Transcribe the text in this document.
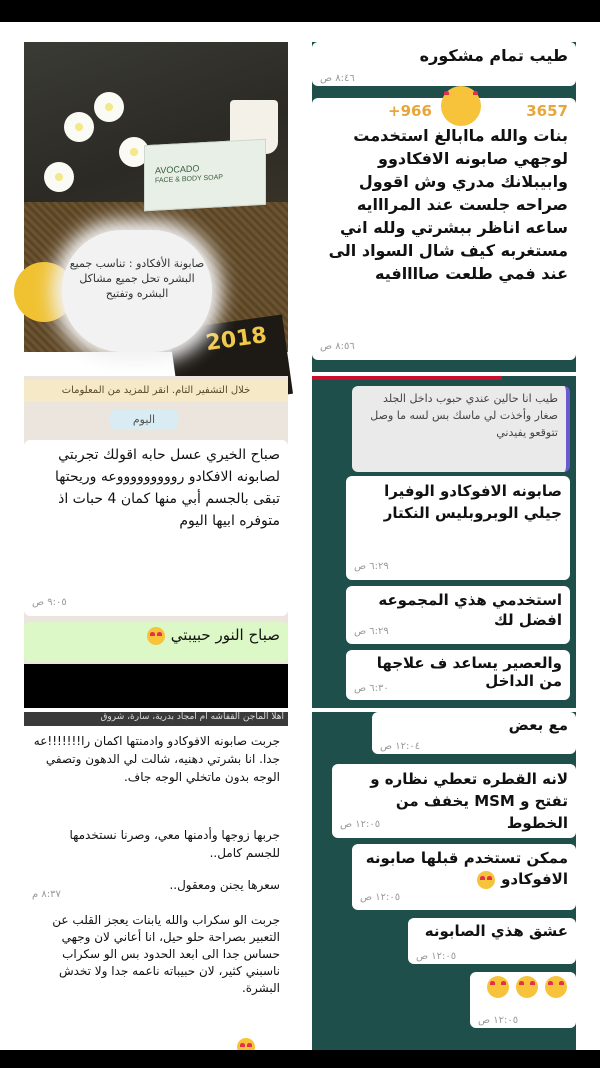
AVOCADO
FACE & BODY SOAP
2018
صابونة الأفكادو : تناسب جميع البشره تحل جميع مشاكل البشره وتفتيح
طيب تمام مشكوره
٨:٤٦ ص
+966	3657
بنات والله ماابالغ استخدمت لوجهي صابونه الافكادوو وابيبلانك مدري وش اقوول صراحه جلست عند المرااايه ساعه اناظر ببشرتي ولله اني مستغربه كيف شال السواد الى عند فمي طلعت صاااافيه
٨:٥٦ ص
خلال التشفير التام. انقر للمزيد من المعلومات
اليوم
صباح الخيري عسل حابه اقولك تجربتي لصابونه الافكادو روووووووووعه وريحتها تبقى بالجسم أبي منها كمان 4 حبات اذ متوفره ابيها اليوم
٩:٠٥ ص
صباح النور حبيبتي
طيب انا حالين عندي حبوب داخل الجلد صغار وأخذت لي ماسك بس لسه ما وصل تتوقعو يفيدني
صابونه الافوكادو الوفيرا جيلي الوبروبليس النكتار
٦:٢٩ ص
استخدمي هذي المجموعه افضل لك
٦:٢٩ ص
والعصير يساعد ف علاجها من الداخل
٦:٣٠ ص
أهلا الماجن القفاشه ام امجاد بدرية، سارة، شروق
جربت صابونه الافوكادو وادمنتها اكمان را!!!!!!!عه جدا. انا بشرتي دهنيه، شالت لي الدهون وتصفي الوجه بدون ماتخلي الوجه جاف.
جربها زوجها وأدمنها معي، وصرنا نستخدمها للجسم كامل..
سعرها يجنن ومعقول..
٨:٣٧ م
جربت الو سكراب والله يابنات يعجز القلب عن التعبير بصراحة حلو حيل، انا أعاني لان وجهي حساس جدا الى ابعد الحدود بس الو سكراب ناسبني كثير، لان حبيباته ناعمه جدا ولا تخدش البشرة.
مع بعض
١٢:٠٤ ص
لانه القطره تعطي نظاره و تفتح و MSM يخفف من الخطوط
١٢:٠٥ ص
ممكن تستخدم قبلها صابونه الافوكادو
١٢:٠٥ ص
عشق هذي الصابونه
١٢:٠٥ ص

١٢:٠٥ ص
